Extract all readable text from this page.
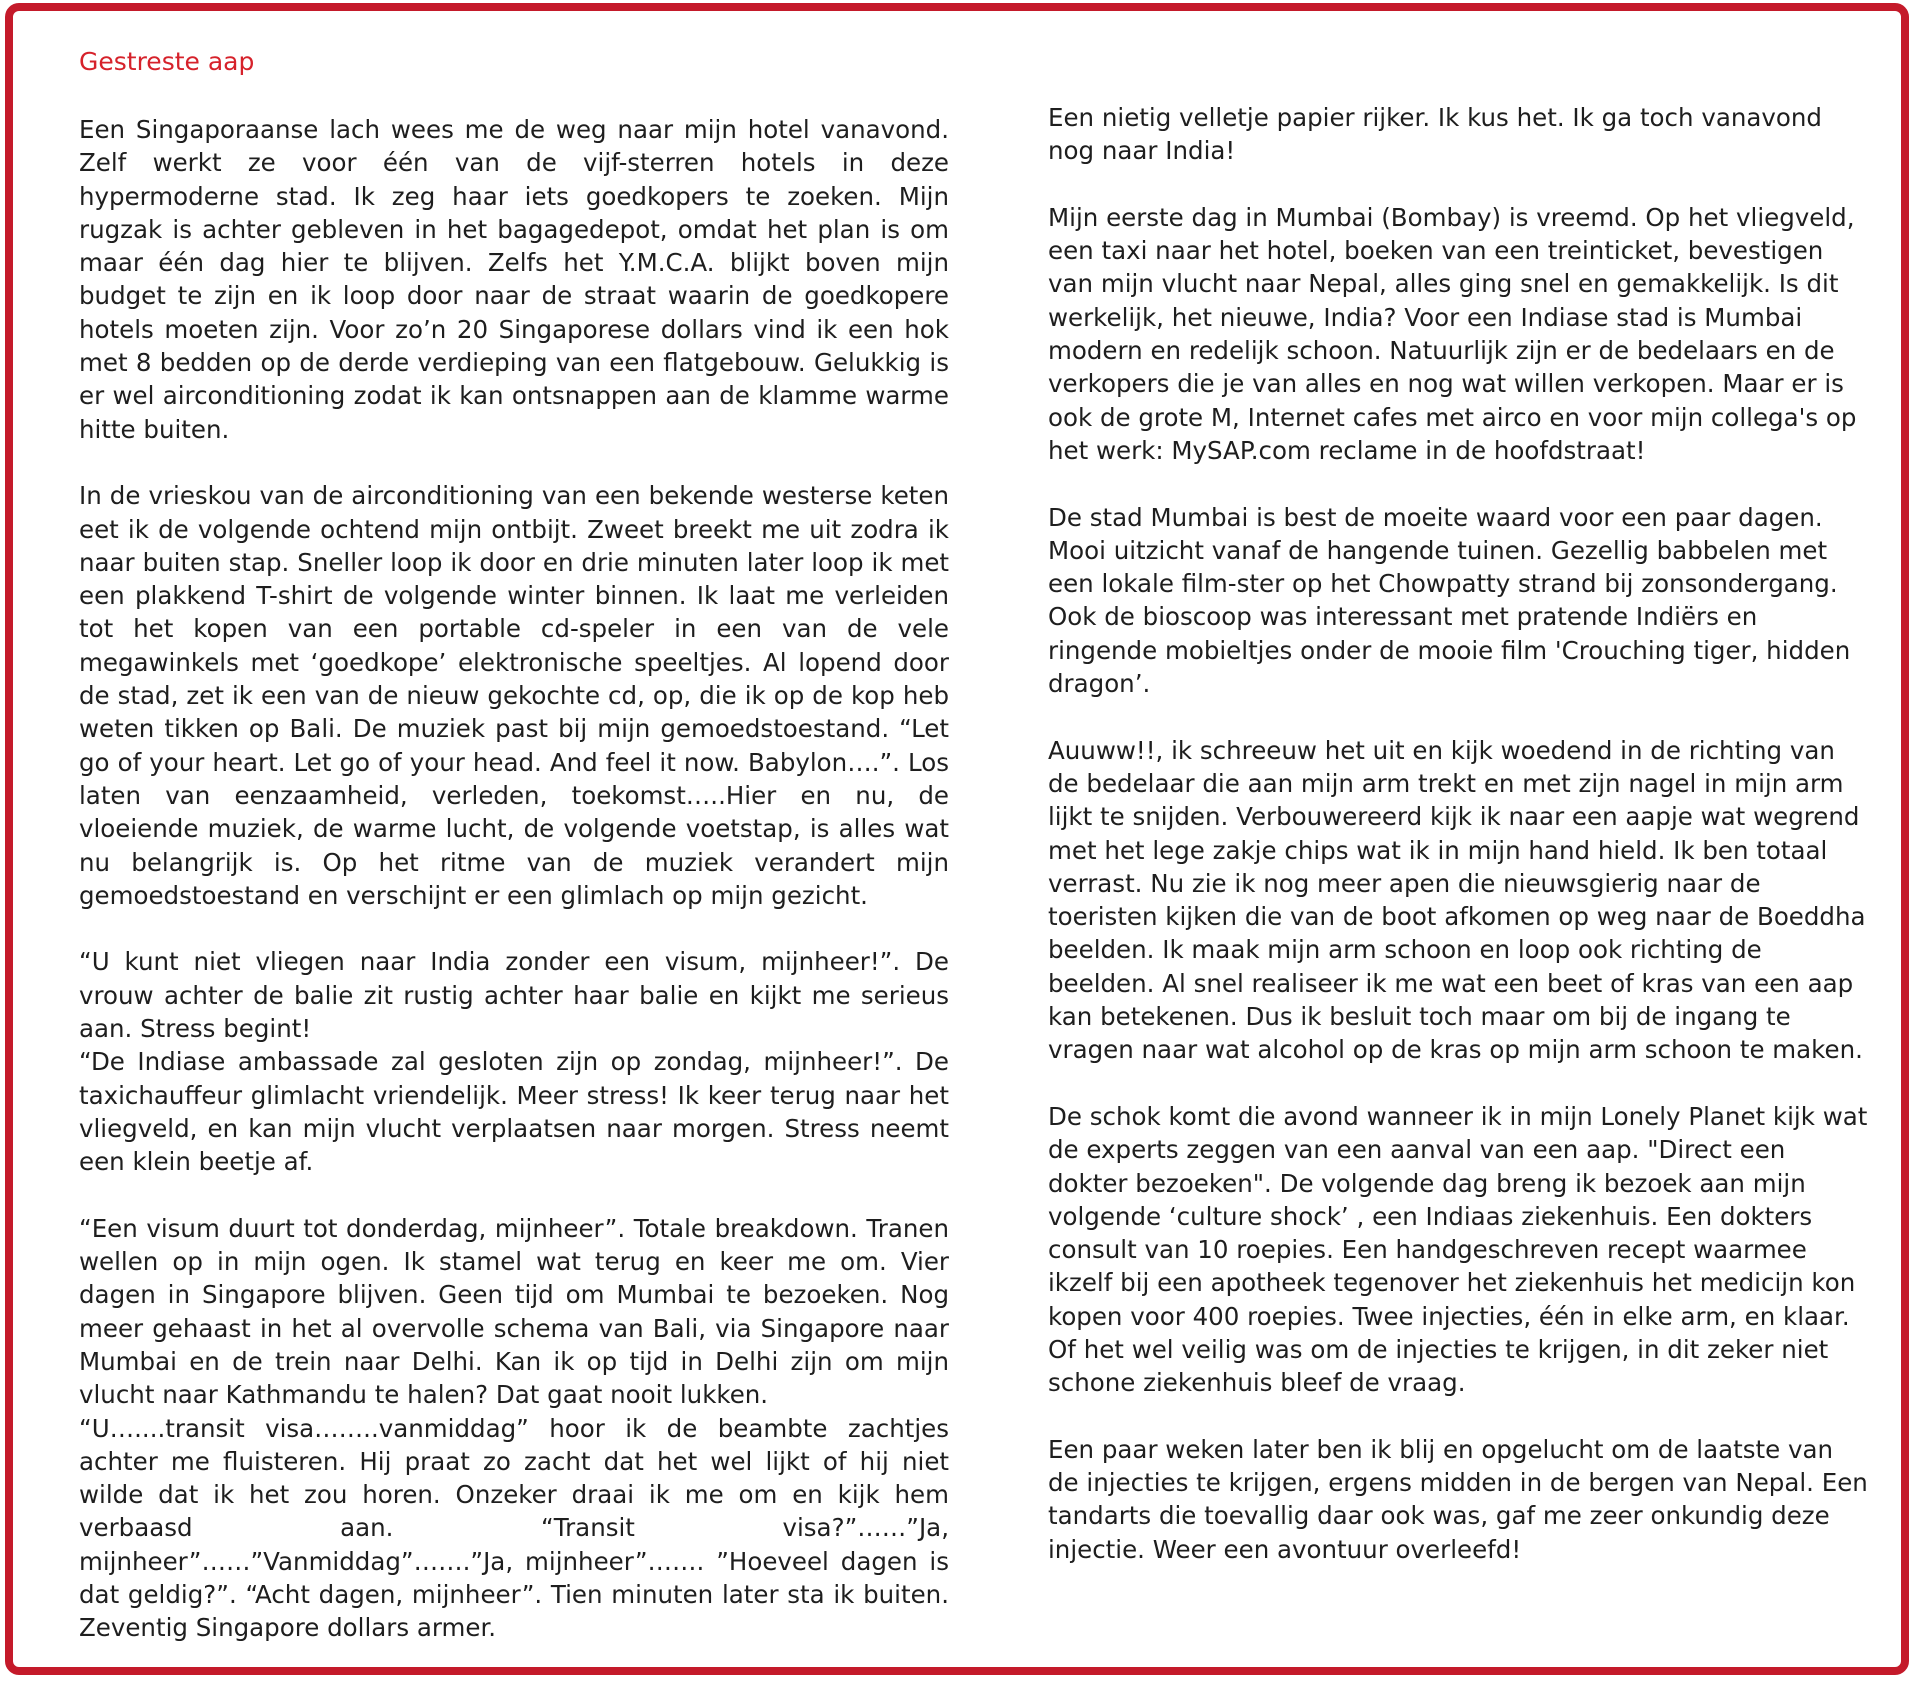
Gestreste aap

Een Singaporaanse lach wees me de weg naar mijn hotel vanavond. Zelf werkt ze voor één van de vijf-sterren hotels in deze hypermoderne stad. Ik zeg haar iets goedkopers te zoeken. Mijn rugzak is achter gebleven in het bagagedepot, omdat het plan is om maar één dag hier te blijven. Zelfs het Y.M.C.A. blijkt boven mijn budget te zijn en ik loop door naar de straat waarin de goedkopere hotels moeten zijn. Voor zo’n 20 Singaporese dollars vind ik een hok met 8 bedden op de derde verdieping van een flatgebouw. Gelukkig is er wel airconditioning zodat ik kan ontsnappen aan de klamme warme hitte buiten.

In de vrieskou van de airconditioning van een bekende westerse keten eet ik de volgende ochtend mijn ontbijt. Zweet breekt me uit zodra ik naar buiten stap. Sneller loop ik door en drie minuten later loop ik met een plakkend T-shirt de volgende winter binnen. Ik laat me verleiden tot het kopen van een portable cd-speler in een van de vele megawinkels met ‘goedkope’ elektronische speeltjes. Al lopend door de stad, zet ik een van de nieuw gekochte cd, op, die ik op de kop heb weten tikken op Bali. De muziek past bij mijn gemoedstoestand. “Let go of your heart. Let go of your head. And feel it now. Babylon….”. Los laten van eenzaamheid, verleden, toekomst…..Hier en nu, de vloeiende muziek, de warme lucht, de volgende voetstap, is alles wat nu belangrijk is. Op het ritme van de muziek verandert mijn gemoedstoestand en verschijnt er een glimlach op mijn gezicht.

“U kunt niet vliegen naar India zonder een visum, mijnheer!”. De vrouw achter de balie zit rustig achter haar balie en kijkt me serieus aan. Stress begint!
“De Indiase ambassade zal gesloten zijn op zondag, mijnheer!”. De taxichauffeur glimlacht vriendelijk. Meer stress! Ik keer terug naar het vliegveld, en kan mijn vlucht verplaatsen naar morgen. Stress neemt een klein beetje af.

“Een visum duurt tot donderdag, mijnheer”. Totale breakdown. Tranen wellen op in mijn ogen. Ik stamel wat terug en keer me om. Vier dagen in Singapore blijven. Geen tijd om Mumbai te bezoeken. Nog meer gehaast in het al overvolle schema van Bali, via Singapore naar Mumbai en de trein naar Delhi. Kan ik op tijd in Delhi zijn om mijn vlucht naar Kathmandu te halen? Dat gaat nooit lukken.
“U…....transit visa……..vanmiddag” hoor ik de beambte zachtjes achter me fluisteren. Hij praat zo zacht dat het wel lijkt of hij niet wilde dat ik het zou horen. Onzeker draai ik me om en kijk hem verbaasd aan. “Transit visa?”……”Ja, mijnheer”……”Vanmiddag”…….”Ja, mijnheer”……. ”Hoeveel dagen is dat geldig?”. “Acht dagen, mijnheer”. Tien minuten later sta ik buiten. Zeventig Singapore dollars armer.

Een nietig velletje papier rijker. Ik kus het. Ik ga toch vanavond nog naar India!

Mijn eerste dag in Mumbai (Bombay) is vreemd. Op het vliegveld, een taxi naar het hotel, boeken van een treinticket, bevestigen van mijn vlucht naar Nepal, alles ging snel en gemakkelijk. Is dit werkelijk, het nieuwe, India? Voor een Indiase stad is Mumbai modern en redelijk schoon. Natuurlijk zijn er de bedelaars en de verkopers die je van alles en nog wat willen verkopen. Maar er is ook de grote M, Internet cafes met airco en voor mijn collega's op het werk: MySAP.com reclame in de hoofdstraat!

De stad Mumbai is best de moeite waard voor een paar dagen. Mooi uitzicht vanaf de hangende tuinen. Gezellig babbelen met een lokale film-ster op het Chowpatty strand bij zonsondergang. Ook de bioscoop was interessant met pratende Indiërs en ringende mobieltjes onder de mooie film 'Crouching tiger, hidden dragon’.

Auuww!!, ik schreeuw het uit en kijk woedend in de richting van de bedelaar die aan mijn arm trekt en met zijn nagel in mijn arm lijkt te snijden. Verbouwereerd kijk ik naar een aapje wat wegrend met het lege zakje chips wat ik in mijn hand hield. Ik ben totaal verrast. Nu zie ik nog meer apen die nieuwsgierig naar de toeristen kijken die van de boot afkomen op weg naar de Boeddha beelden. Ik maak mijn arm schoon en loop ook richting de beelden. Al snel realiseer ik me wat een beet of kras van een aap kan betekenen. Dus ik besluit toch maar om bij de ingang te vragen naar wat alcohol op de kras op mijn arm schoon te maken.

De schok komt die avond wanneer ik in mijn Lonely Planet kijk wat de experts zeggen van een aanval van een aap. "Direct een dokter bezoeken". De volgende dag breng ik bezoek aan mijn volgende ‘culture shock’ , een Indiaas ziekenhuis. Een dokters consult van 10 roepies. Een handgeschreven recept waarmee ikzelf bij een apotheek tegenover het ziekenhuis het medicijn kon kopen voor 400 roepies. Twee injecties, één in elke arm, en klaar.
Of het wel veilig was om de injecties te krijgen, in dit zeker niet schone ziekenhuis bleef de vraag.

Een paar weken later ben ik blij en opgelucht om de laatste van de injecties te krijgen, ergens midden in de bergen van Nepal. Een tandarts die toevallig daar ook was, gaf me zeer onkundig deze injectie. Weer een avontuur overleefd!
